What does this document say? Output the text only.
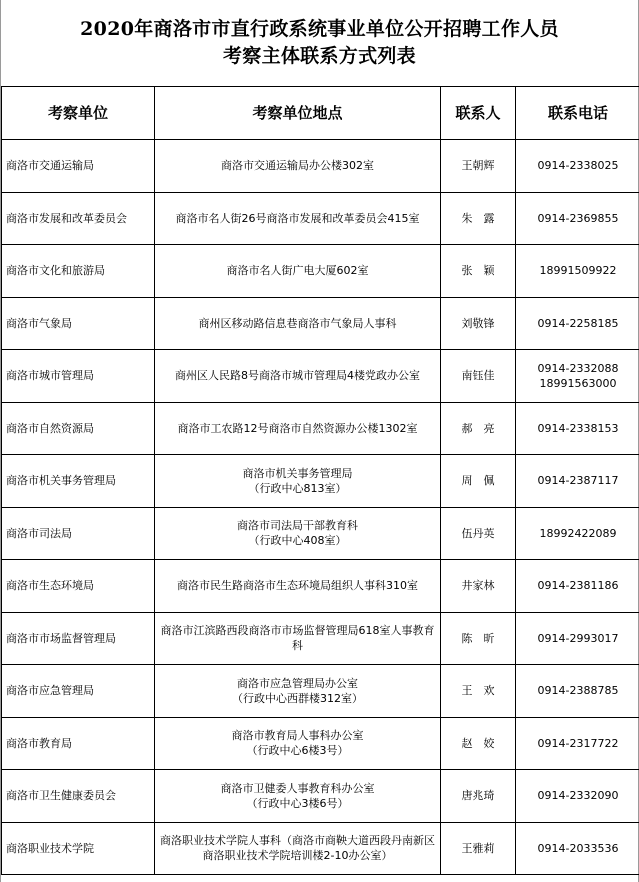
2020年商洛市市直行政系统事业单位公开招聘工作人员
考察主体联系方式列表
考察单位	考察单位地点	联系人	联系电话
商洛市交通运输局	商洛市交通运输局办公楼302室	王朝辉	0914-2338025

商洛市发展和改革委员会	商洛市名人街26号商洛市发展和改革委员会415室	朱　露	0914-2369855

商洛市文化和旅游局	商洛市名人街广电大厦602室	张　颖	18991509922

商洛市气象局	商州区移动路信息巷商洛市气象局人事科	刘敬锋	0914-2258185

商洛市城市管理局	商州区人民路8号商洛市城市管理局4楼党政办公室	南钰佳	0914-2332088
18991563000

商洛市自然资源局	商洛市工农路12号商洛市自然资源办公楼1302室	郝　亮	0914-2338153

商洛市机关事务管理局	商洛市机关事务管理局
（行政中心813室）	周　佩	0914-2387117

商洛市司法局	商洛市司法局干部教育科
（行政中心408室）	伍丹英	18992422089

商洛市生态环境局	商洛市民生路商洛市生态环境局组织人事科310室	井家林	0914-2381186

商洛市市场监督管理局	商洛市江滨路西段商洛市市场监督管理局618室人事教育科	陈　昕	0914-2993017

商洛市应急管理局	商洛市应急管理局办公室
（行政中心西群楼312室）	王　欢	0914-2388785

商洛市教育局	商洛市教育局人事科办公室
（行政中心6楼3号）	赵　姣	0914-2317722

商洛市卫生健康委员会	商洛市卫健委人事教育科办公室
（行政中心3楼6号）	唐兆琦	0914-2332090

商洛职业技术学院	商洛职业技术学院人事科（商洛市商鞅大道西段丹南新区商洛职业技术学院培训楼2-10办公室）	王雅莉	0914-2033536
